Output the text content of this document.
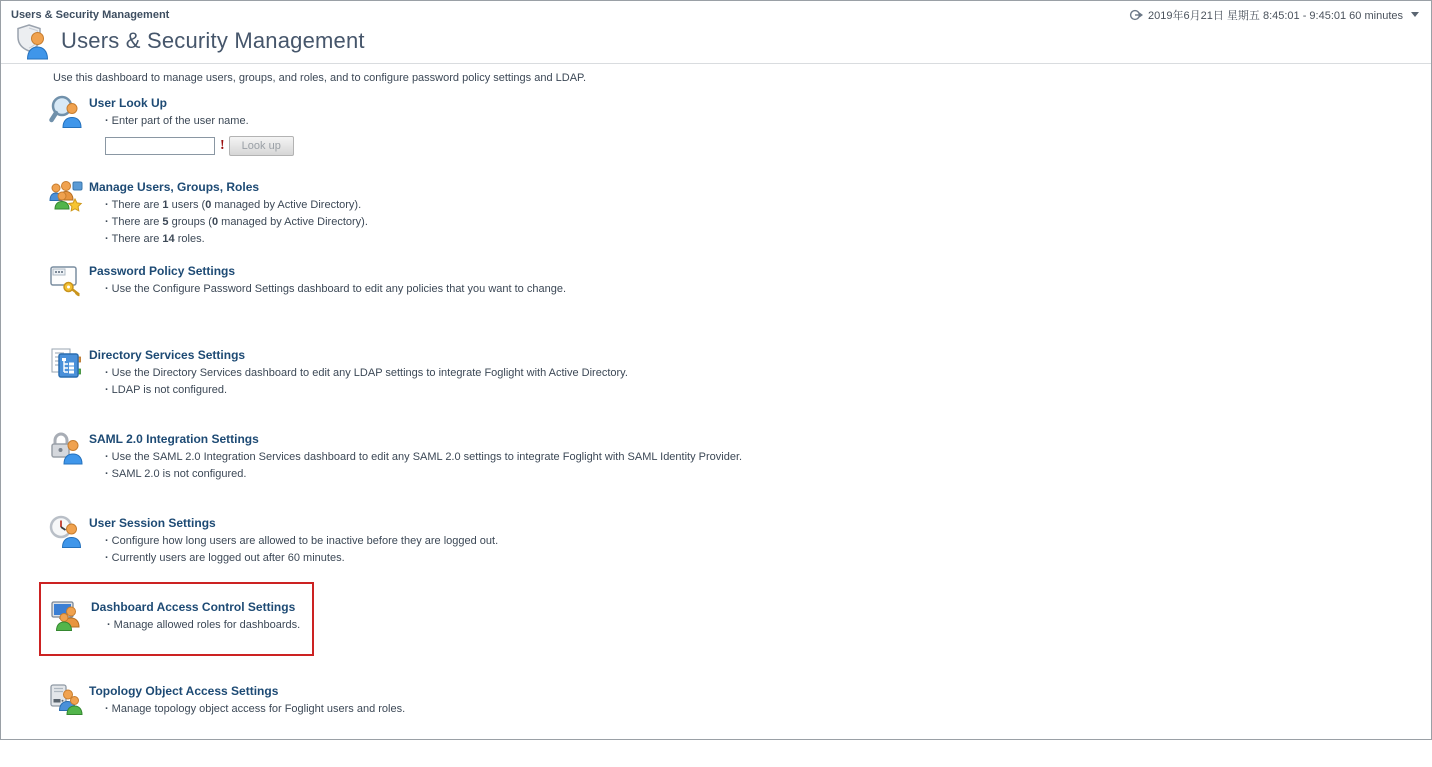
Users & Security Management	2019年6月21日 星期五 8:45:01 - 9:45:01 60 minutes
Users & Security Management
Use this dashboard to manage users, groups, and roles, and to configure password policy settings and LDAP.
User Look Up
· Enter part of the user name.
!	Look up
Manage Users, Groups, Roles
· There are 1 users (0 managed by Active Directory).
· There are 5 groups (0 managed by Active Directory).
· There are 14 roles.
Password Policy Settings
· Use the Configure Password Settings dashboard to edit any policies that you want to change.
Directory Services Settings
· Use the Directory Services dashboard to edit any LDAP settings to integrate Foglight with Active Directory.
· LDAP is not configured.
SAML 2.0 Integration Settings
· Use the SAML 2.0 Integration Services dashboard to edit any SAML 2.0 settings to integrate Foglight with SAML Identity Provider.
· SAML 2.0 is not configured.
User Session Settings
· Configure how long users are allowed to be inactive before they are logged out.
· Currently users are logged out after 60 minutes.
Dashboard Access Control Settings
· Manage allowed roles for dashboards.
Topology Object Access Settings
· Manage topology object access for Foglight users and roles.
